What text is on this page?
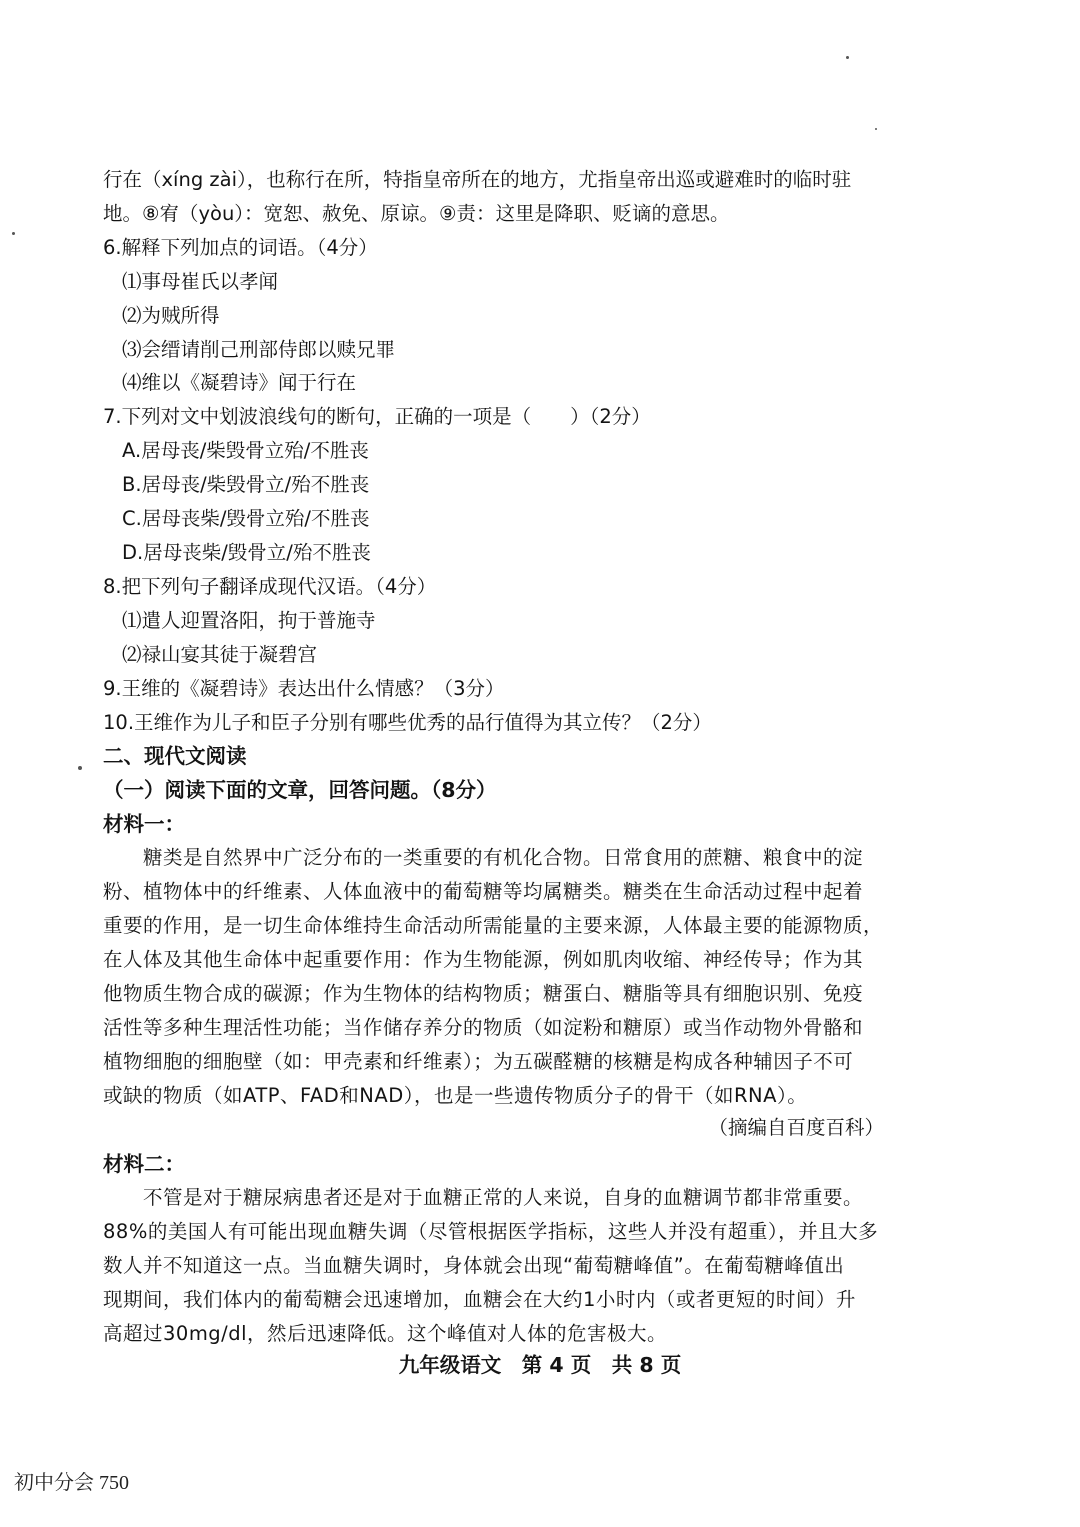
行在（xíng zài），也称行在所，特指皇帝所在的地方，尤指皇帝出巡或避难时的临时驻
地。⑧宥（yòu）：宽恕、赦免、原谅。⑨责：这里是降职、贬谪的意思。
6.解释下列加点的词语。（4分）
⑴事母崔氏以孝闻
⑵为贼所得
⑶会缙请削己刑部侍郎以赎兄罪
⑷维以《凝碧诗》闻于行在
7.下列对文中划波浪线句的断句，正确的一项是（　　）（2分）
A.居母丧/柴毁骨立殆/不胜丧
B.居母丧/柴毁骨立/殆不胜丧
C.居母丧柴/毁骨立殆/不胜丧
D.居母丧柴/毁骨立/殆不胜丧
8.把下列句子翻译成现代汉语。（4分）
⑴遣人迎置洛阳，拘于普施寺
⑵禄山宴其徒于凝碧宫
9.王维的《凝碧诗》表达出什么情感？（3分）
10.王维作为儿子和臣子分别有哪些优秀的品行值得为其立传？（2分）
二、现代文阅读
（一）阅读下面的文章，回答问题。（8分）
材料一：
糖类是自然界中广泛分布的一类重要的有机化合物。日常食用的蔗糖、粮食中的淀
粉、植物体中的纤维素、人体血液中的葡萄糖等均属糖类。糖类在生命活动过程中起着
重要的作用，是一切生命体维持生命活动所需能量的主要来源，人体最主要的能源物质，
在人体及其他生命体中起重要作用：作为生物能源，例如肌肉收缩、神经传导；作为其
他物质生物合成的碳源；作为生物体的结构物质；糖蛋白、糖脂等具有细胞识别、免疫
活性等多种生理活性功能；当作储存养分的物质（如淀粉和糖原）或当作动物外骨骼和
植物细胞的细胞壁（如：甲壳素和纤维素）；为五碳醛糖的核糖是构成各种辅因子不可
或缺的物质（如ATP、FAD和NAD），也是一些遗传物质分子的骨干（如RNA）。
（摘编自百度百科）
材料二：
不管是对于糖尿病患者还是对于血糖正常的人来说，自身的血糖调节都非常重要。
88%的美国人有可能出现血糖失调（尽管根据医学指标，这些人并没有超重），并且大多
数人并不知道这一点。当血糖失调时，身体就会出现“葡萄糖峰值”。在葡萄糖峰值出
现期间，我们体内的葡萄糖会迅速增加，血糖会在大约1小时内（或者更短的时间）升
九年级语文　第 4 页　共 8 页
初中分会 750
高超过30mg/dl，然后迅速降低。这个峰值对人体的危害极大。
